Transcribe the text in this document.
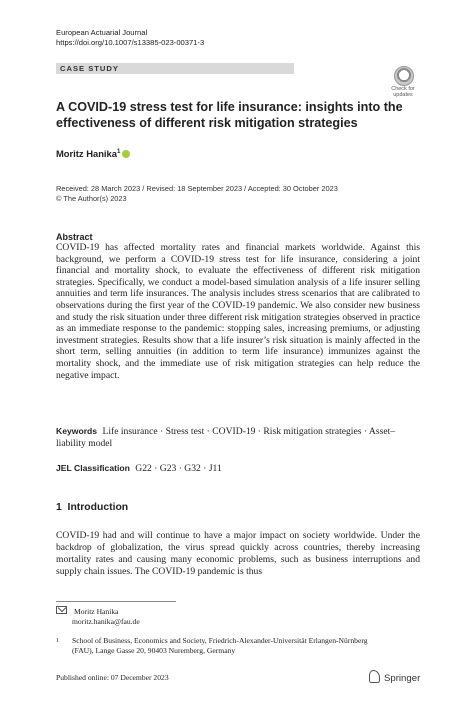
European Actuarial Journal
https://doi.org/10.1007/s13385-023-00371-3
CASE STUDY
Check for
updates
A COVID-19 stress test for life insurance: insights into the effectiveness of different risk mitigation strategies
Moritz Hanika$^1$
Received: 28 March 2023 / Revised: 18 September 2023 / Accepted: 30 October 2023
© The Author(s) 2023
Abstract
COVID-19 has affected mortality rates and financial markets worldwide. Against this background, we perform a COVID-19 stress test for life insurance, considering a joint financial and mortality shock, to evaluate the effectiveness of different risk mitigation strategies. Specifically, we conduct a model-based simulation analysis of a life insurer selling annuities and term life insurances. The analysis includes stress scenarios that are calibrated to observations during the first year of the COVID-19 pandemic. We also consider new business and study the risk situation under three different risk mitigation strategies observed in practice as an immediate response to the pandemic: stopping sales, increasing premiums, or adjusting investment strategies. Results show that a life insurer’s risk situation is mainly affected in the short term, selling annuities (in addition to term life insurance) immunizes against the mortality shock, and the immediate use of risk mitigation strategies can help reduce the negative impact.
Keywords Life insurance · Stress test · COVID-19 · Risk mitigation strategies · Asset–liability model
JEL Classification G22 · G23 · G32 · J11
1  Introduction
COVID-19 had and will continue to have a major impact on society worldwide. Under the backdrop of globalization, the virus spread quickly across countries, thereby increasing mortality rates and causing many economic problems, such as business interruptions and supply chain issues. The COVID-19 pandemic is thus
Moritz Hanika
moritz.hanika@fau.de
$^1$	School of Business, Economics and Society, Friedrich-Alexander-Universität Erlangen-Nürnberg (FAU), Lange Gasse 20, 90403 Nuremberg, Germany
Published online: 07 December 2023	Springer
